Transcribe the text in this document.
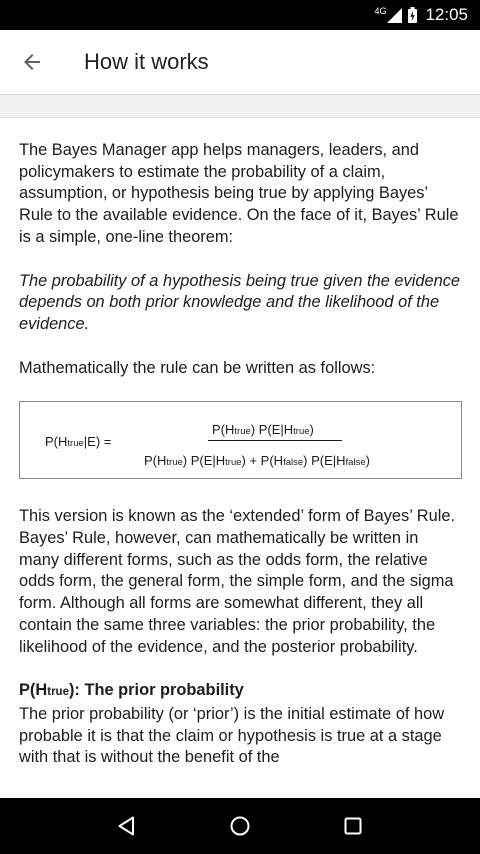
4G 12:05
How it works

The Bayes Manager app helps managers, leaders, and policymakers to estimate the probability of a claim, assumption, or hypothesis being true by applying Bayes’ Rule to the available evidence. On the face of it, Bayes’ Rule is a simple, one-line theorem:

The probability of a hypothesis being true given the evidence depends on both prior knowledge and the likelihood of the evidence.

Mathematically the rule can be written as follows:

P(Htrue|E) =
P(Htrue) P(E|Htrue)
P(Htrue) P(E|Htrue) + P(Hfalse) P(E|Hfalse)

This version is known as the ‘extended’ form of Bayes’ Rule. Bayes’ Rule, however, can mathematically be written in many different forms, such as the odds form, the relative odds form, the general form, the simple form, and the sigma form. Although all forms are somewhat different, they all contain the same three variables: the prior probability, the likelihood of the evidence, and the posterior probability.

P(Htrue): The prior probability

The prior probability (or ‘prior’) is the initial estimate of how probable it is that the claim or hypothesis is true at a stage with that is without the benefit of the
